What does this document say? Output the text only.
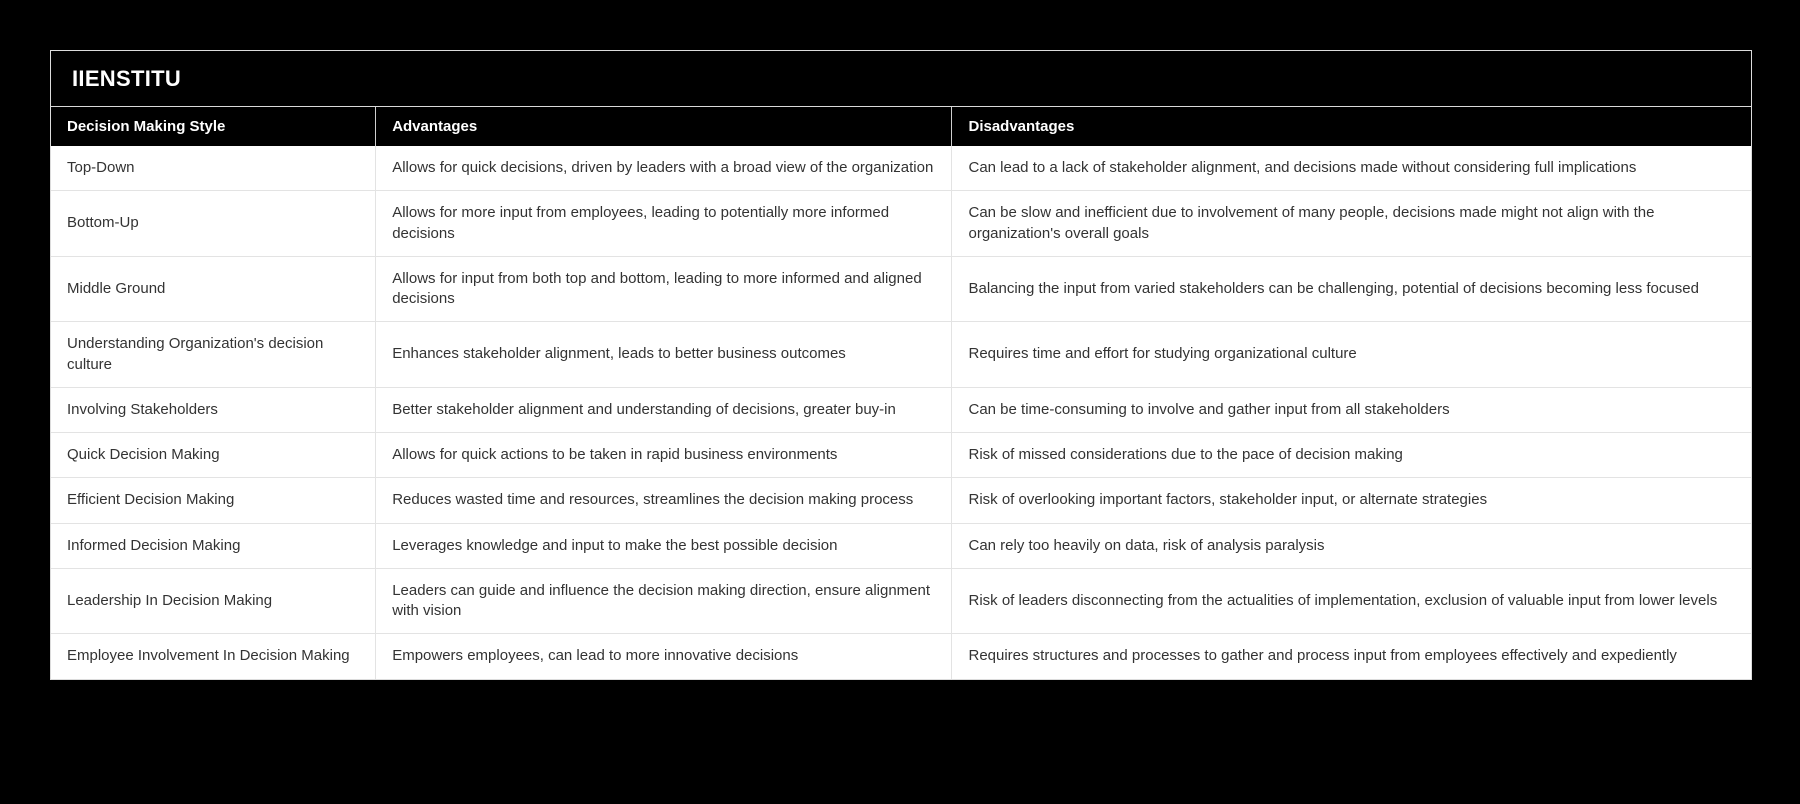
IIENSTITU
Decision Making Style	Advantages	Disadvantages
Top-Down	Allows for quick decisions, driven by leaders with a broad view of the organization	Can lead to a lack of stakeholder alignment, and decisions made without considering full implications
Bottom-Up	Allows for more input from employees, leading to potentially more informed decisions	Can be slow and inefficient due to involvement of many people, decisions made might not align with the organization's overall goals
Middle Ground	Allows for input from both top and bottom, leading to more informed and aligned decisions	Balancing the input from varied stakeholders can be challenging, potential of decisions becoming less focused
Understanding Organization's decision culture	Enhances stakeholder alignment, leads to better business outcomes	Requires time and effort for studying organizational culture
Involving Stakeholders	Better stakeholder alignment and understanding of decisions, greater buy-in	Can be time-consuming to involve and gather input from all stakeholders
Quick Decision Making	Allows for quick actions to be taken in rapid business environments	Risk of missed considerations due to the pace of decision making
Efficient Decision Making	Reduces wasted time and resources, streamlines the decision making process	Risk of overlooking important factors, stakeholder input, or alternate strategies
Informed Decision Making	Leverages knowledge and input to make the best possible decision	Can rely too heavily on data, risk of analysis paralysis
Leadership In Decision Making	Leaders can guide and influence the decision making direction, ensure alignment with vision	Risk of leaders disconnecting from the actualities of implementation, exclusion of valuable input from lower levels
Employee Involvement In Decision Making	Empowers employees, can lead to more innovative decisions	Requires structures and processes to gather and process input from employees effectively and expediently
